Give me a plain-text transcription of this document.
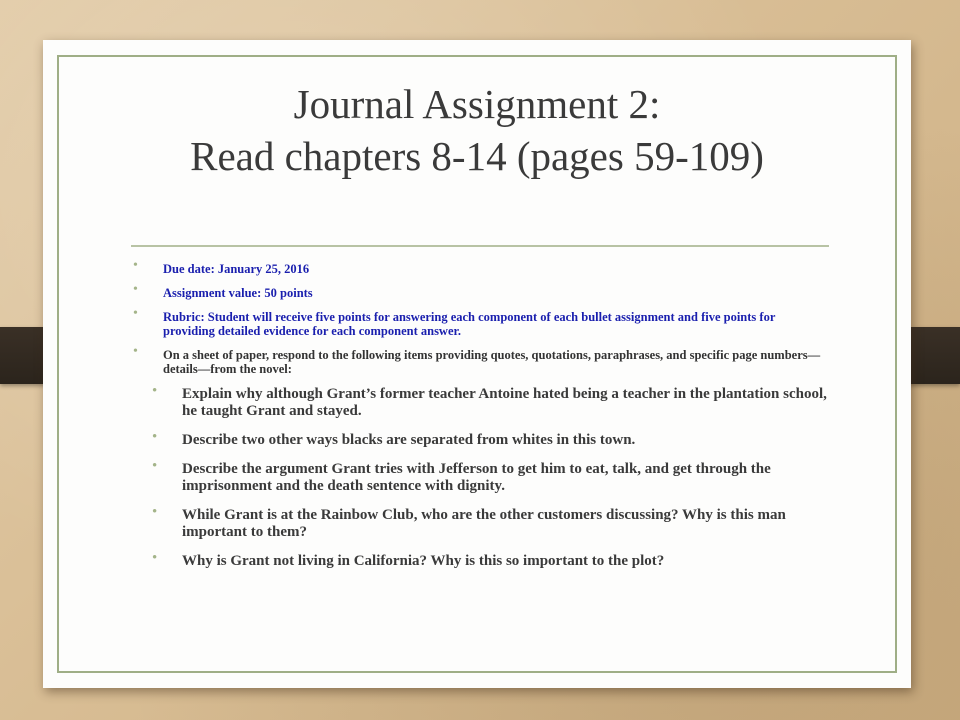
Journal Assignment 2:
Read chapters 8-14 (pages 59-109)
• Due date: January 25, 2016
• Assignment value: 50 points
• Rubric: Student will receive five points for answering each component of each bullet assignment and five points for providing detailed evidence for each component answer.
• On a sheet of paper, respond to the following items providing quotes, quotations, paraphrases, and specific page numbers—details—from the novel:
• Explain why although Grant’s former teacher Antoine hated being a teacher in the plantation school, he taught Grant and stayed.
• Describe two other ways blacks are separated from whites in this town.
• Describe the argument Grant tries with Jefferson to get him to eat, talk, and get through the imprisonment and the death sentence with dignity.
• While Grant is at the Rainbow Club, who are the other customers discussing? Why is this man important to them?
• Why is Grant not living in California? Why is this so important to the plot?
